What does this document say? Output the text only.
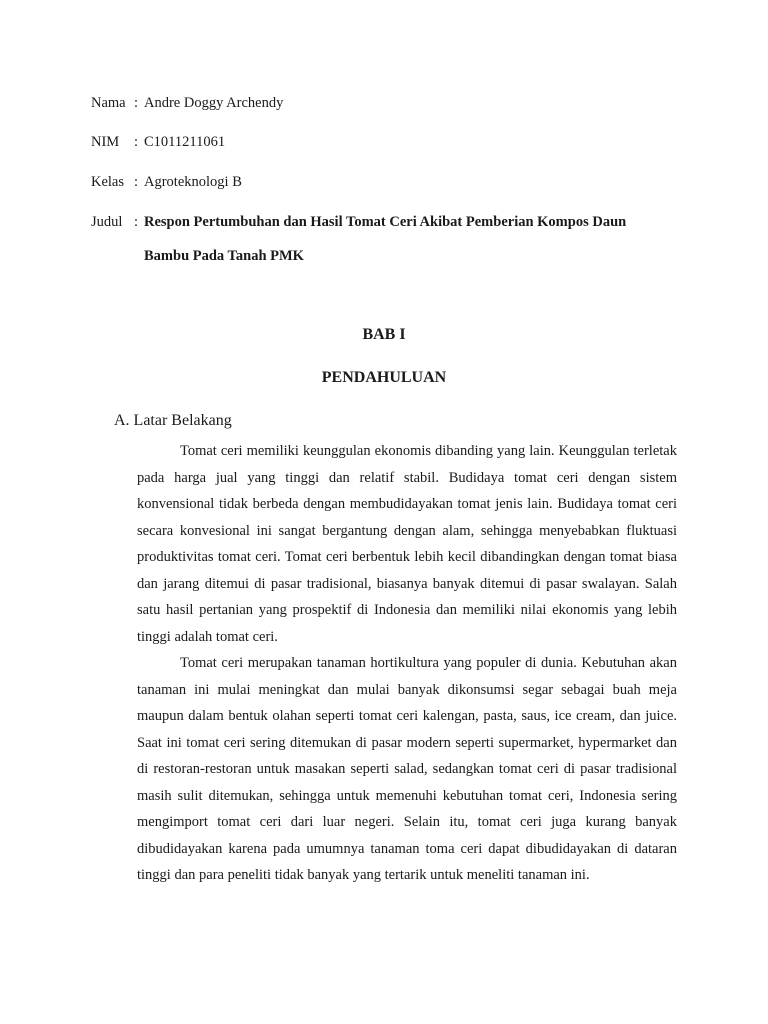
Nama : Andre Doggy Archendy
NIM	: C1011211061
Kelas : Agroteknologi B
Judul : Respon Pertumbuhan dan Hasil Tomat Ceri Akibat Pemberian Kompos Daun Bambu Pada Tanah PMK
BAB I
PENDAHULUAN
A. Latar Belakang

Tomat ceri memiliki keunggulan ekonomis dibanding yang lain. Keunggulan terletak pada harga jual yang tinggi dan relatif stabil. Budidaya tomat ceri dengan sistem konvensional tidak berbeda dengan membudidayakan tomat jenis lain. Budidaya tomat ceri secara konvesional ini sangat bergantung dengan alam, sehingga menyebabkan fluktuasi produktivitas tomat ceri. Tomat ceri berbentuk lebih kecil dibandingkan dengan tomat biasa dan jarang ditemui di pasar tradisional, biasanya banyak ditemui di pasar swalayan. Salah satu hasil pertanian yang prospektif di Indonesia dan memiliki nilai ekonomis yang lebih tinggi adalah tomat ceri.

Tomat ceri merupakan tanaman hortikultura yang populer di dunia. Kebutuhan akan tanaman ini mulai meningkat dan mulai banyak dikonsumsi segar sebagai buah meja maupun dalam bentuk olahan seperti tomat ceri kalengan, pasta, saus, ice cream, dan juice. Saat ini tomat ceri sering ditemukan di pasar modern seperti supermarket, hypermarket dan di restoran-restoran untuk masakan seperti salad, sedangkan tomat ceri di pasar tradisional masih sulit ditemukan, sehingga untuk memenuhi kebutuhan tomat ceri, Indonesia sering mengimport tomat ceri dari luar negeri. Selain itu, tomat ceri juga kurang banyak dibudidayakan karena pada umumnya tanaman toma ceri dapat dibudidayakan di dataran tinggi dan para peneliti tidak banyak yang tertarik untuk meneliti tanaman ini.
